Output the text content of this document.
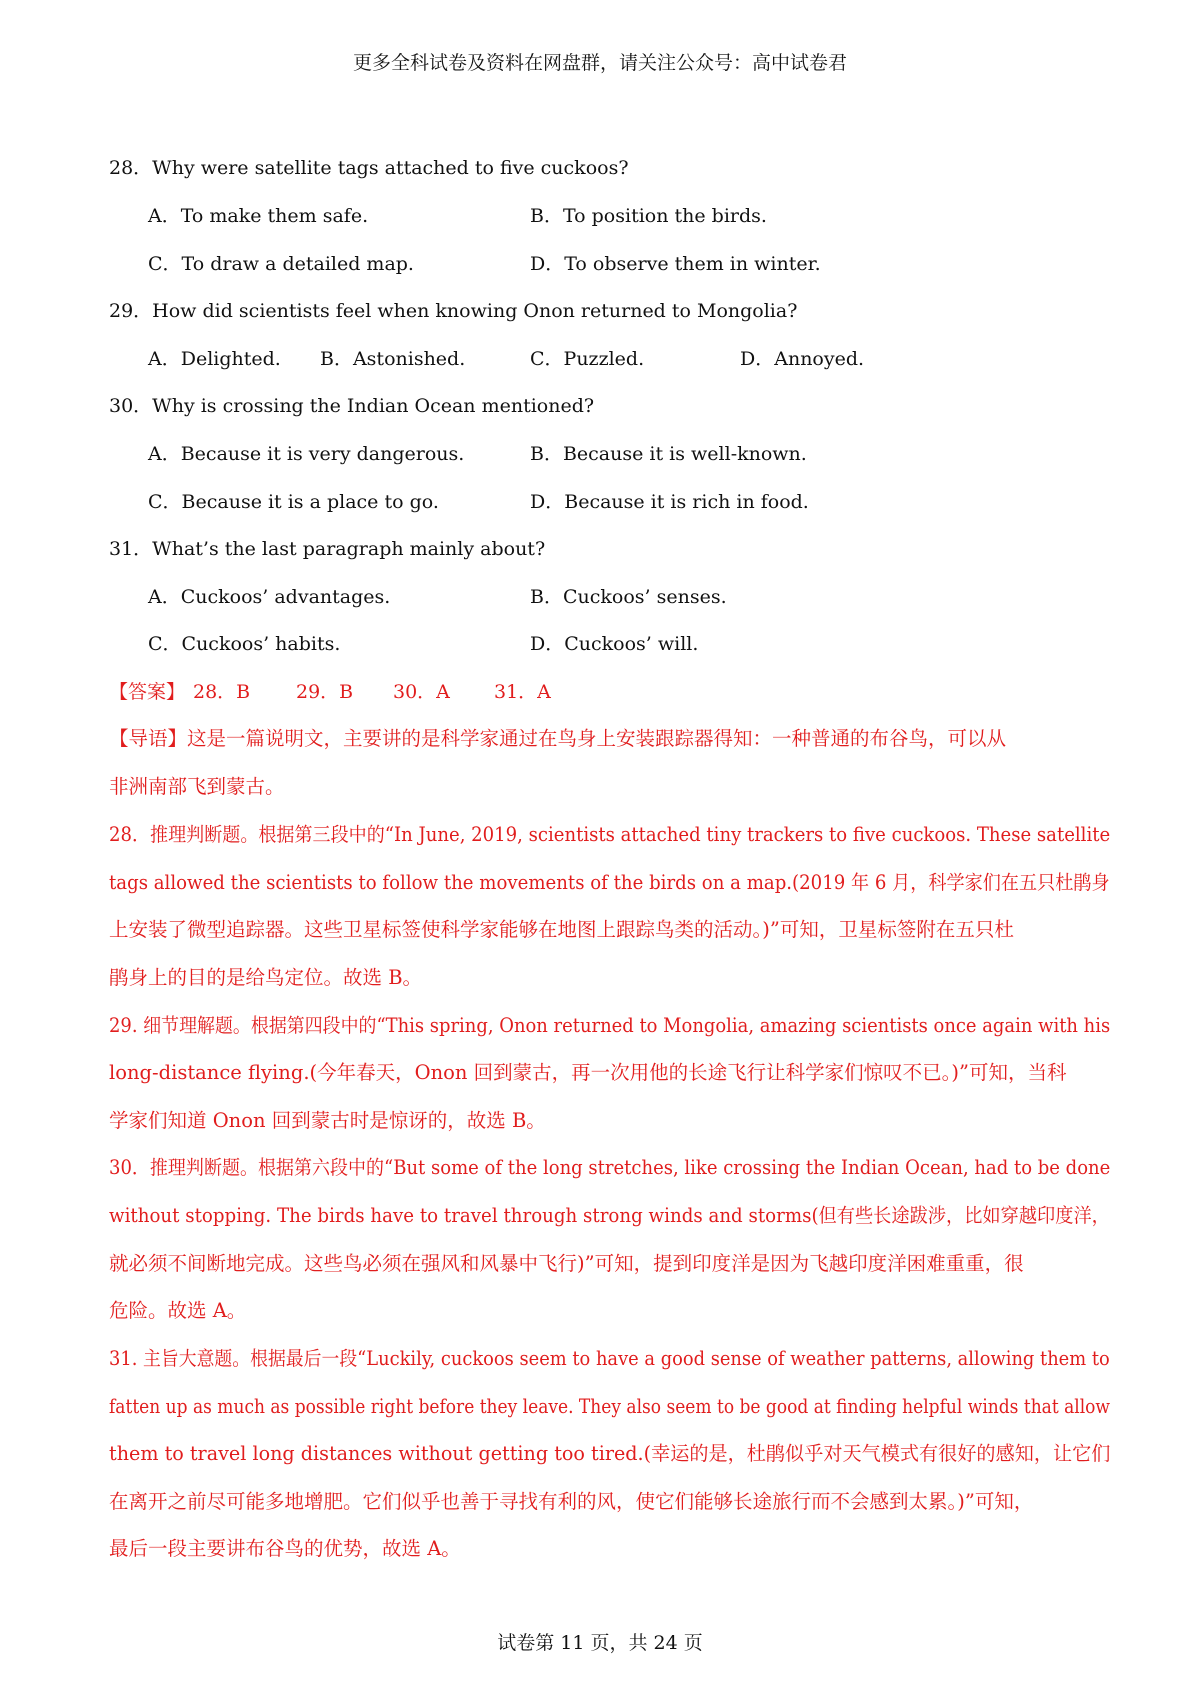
更多全科试卷及资料在网盘群，请关注公众号：高中试卷君
28．Why were satellite tags attached to five cuckoos?
A．To make them safe.	B．To position the birds.
C．To draw a detailed map.	D．To observe them in winter.
29．How did scientists feel when knowing Onon returned to Mongolia?
A．Delighted. B．Astonished.	C．Puzzled.	D．Annoyed.
30．Why is crossing the Indian Ocean mentioned?
A．Because it is very dangerous.	B．Because it is well-known.
C．Because it is a place to go.	D．Because it is rich in food.
31．What’s the last paragraph mainly about?
A．Cuckoos’ advantages.	B．Cuckoos’ senses.
C．Cuckoos’ habits.	D．Cuckoos’ will.
【答案】 28．B 29．B 30．A 31．A
【导语】这是一篇说明文，主要讲的是科学家通过在鸟身上安装跟踪器得知：一种普通的布谷鸟，可以从
非洲南部飞到蒙古。
28．推理判断题。根据第三段中的“In June, 2019, scientists attached tiny trackers to five cuckoos. These satellite
tags allowed the scientists to follow the movements of the birds on a map.(2019 年 6 月，科学家们在五只杜鹃身
上安装了微型追踪器。这些卫星标签使科学家能够在地图上跟踪鸟类的活动。)”可知，卫星标签附在五只杜
鹃身上的目的是给鸟定位。故选 B。
29. 细节理解题。根据第四段中的“This spring, Onon returned to Mongolia, amazing scientists once again with his
long-distance flying.(今年春天，Onon 回到蒙古，再一次用他的长途飞行让科学家们惊叹不已。)”可知，当科
学家们知道 Onon 回到蒙古时是惊讶的，故选 B。
30．推理判断题。根据第六段中的“But some of the long stretches, like crossing the Indian Ocean, had to be done
without stopping. The birds have to travel through strong winds and storms(但有些长途跋涉，比如穿越印度洋，
就必须不间断地完成。这些鸟必须在强风和风暴中飞行)”可知，提到印度洋是因为飞越印度洋困难重重，很
危险。故选 A。
31. 主旨大意题。根据最后一段“Luckily, cuckoos seem to have a good sense of weather patterns, allowing them to
fatten up as much as possible right before they leave. They also seem to be good at finding helpful winds that allow
them to travel long distances without getting too tired.(幸运的是，杜鹃似乎对天气模式有很好的感知，让它们
在离开之前尽可能多地增肥。它们似乎也善于寻找有利的风，使它们能够长途旅行而不会感到太累。)”可知，
最后一段主要讲布谷鸟的优势，故选 A。
试卷第 11 页，共 24 页
